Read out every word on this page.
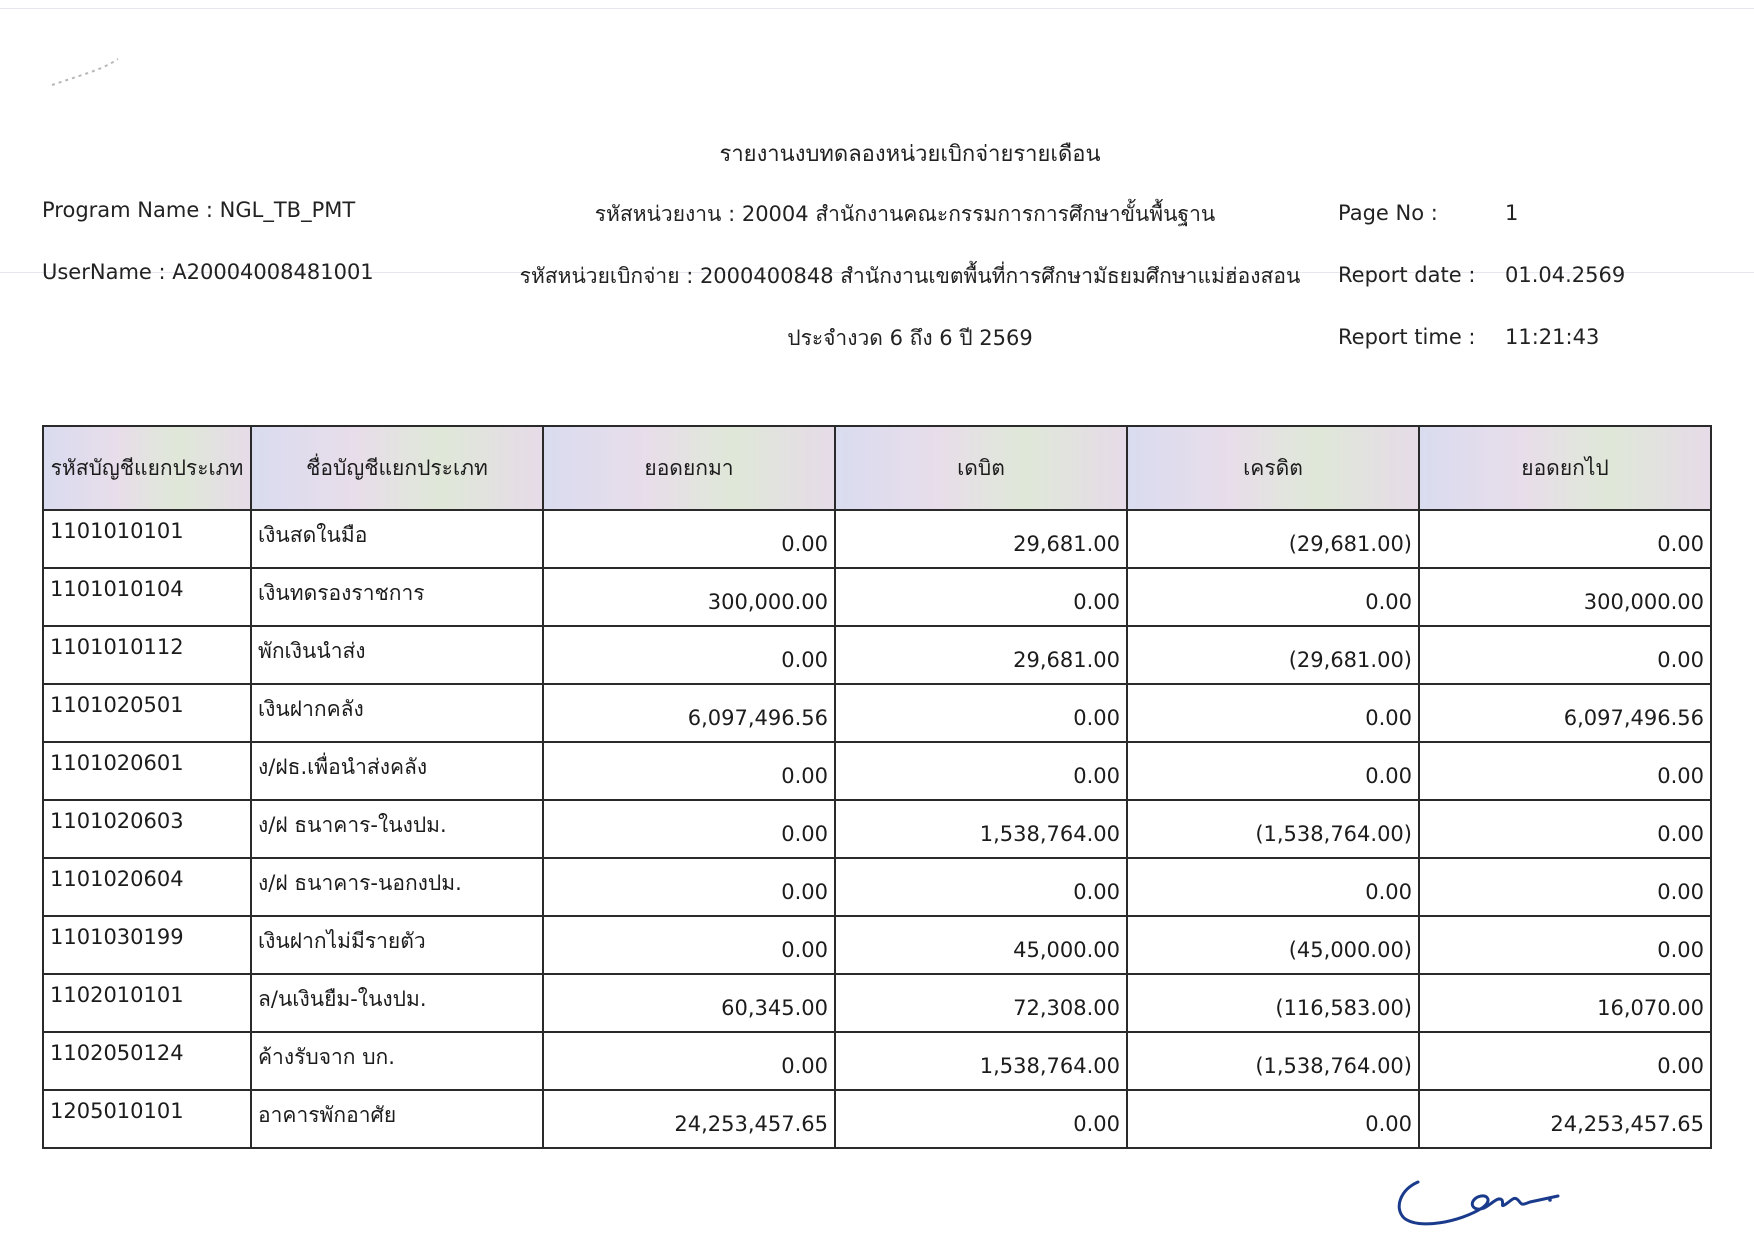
รายงานงบทดลองหน่วยเบิกจ่ายรายเดือน
Program Name : NGL_TB_PMT	รหัสหน่วยงาน : 20004 สำนักงานคณะกรรมการการศึกษาขั้นพื้นฐาน	Page No :	1
UserName : A20004008481001	รหัสหน่วยเบิกจ่าย : 2000400848 สำนักงานเขตพื้นที่การศึกษามัธยมศึกษาแม่ฮ่องสอน Report date : 01.04.2569
ประจำงวด 6 ถึง 6 ปี 2569	Report time : 11:21:43
รหัสบัญชีแยกประเภท	ชื่อบัญชีแยกประเภท	ยอดยกมา	เดบิต	เครดิต	ยอดยกไป
1101010101	เงินสดในมือ	0.00	29,681.00	(29,681.00)	0.00
1101010104	เงินทดรองราชการ	300,000.00	0.00	0.00	300,000.00
1101010112	พักเงินนำส่ง	0.00	29,681.00	(29,681.00)	0.00
1101020501	เงินฝากคลัง	6,097,496.56	0.00	0.00	6,097,496.56
1101020601	ง/ฝธ.เพื่อนำส่งคลัง	0.00	0.00	0.00	0.00
1101020603	ง/ฝ ธนาคาร-ในงปม.	0.00	1,538,764.00	(1,538,764.00)	0.00
1101020604	ง/ฝ ธนาคาร-นอกงปม.	0.00	0.00	0.00	0.00
1101030199	เงินฝากไม่มีรายตัว	0.00	45,000.00	(45,000.00)	0.00
1102010101	ล/นเงินยืม-ในงปม.	60,345.00	72,308.00	(116,583.00)	16,070.00
1102050124	ค้างรับจาก บก.	0.00	1,538,764.00	(1,538,764.00)	0.00
1205010101	อาคารพักอาศัย	24,253,457.65	0.00	0.00	24,253,457.65
